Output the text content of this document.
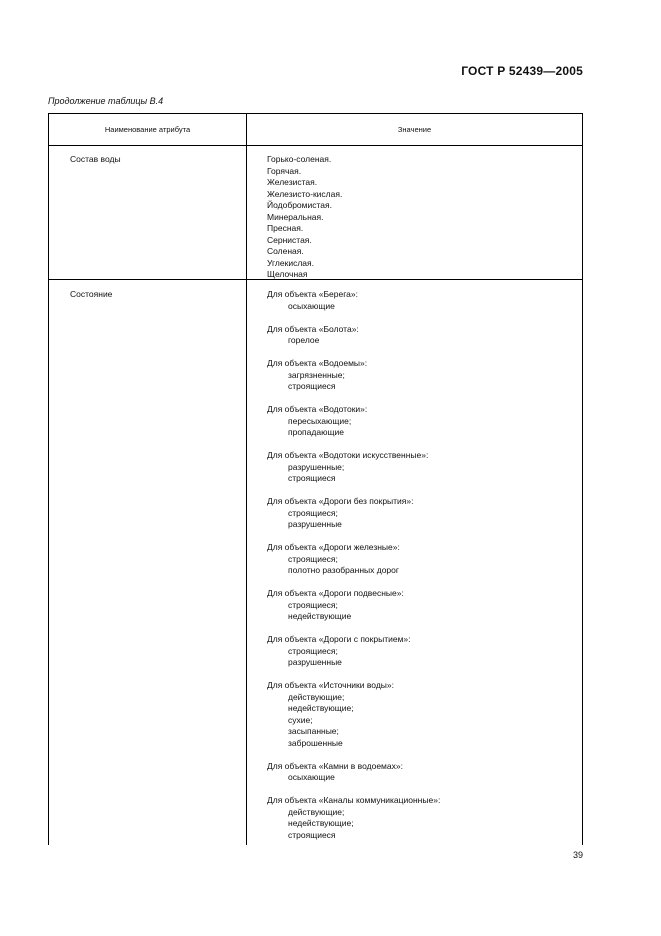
ГОСТ Р 52439—2005
Продолжение таблицы В.4
Наименование атрибута	Значение
Состав воды	Горько-соленая.
Горячая.
Железистая.
Железисто-кислая.
Йодобромистая.
Минеральная.
Пресная.
Сернистая.
Соленая.
Углекислая.
Щелочная
Состояние	Для объекта «Берега»:
осыхающие
Для объекта «Болота»:
горелое
Для объекта «Водоемы»:
загрязненные;
строящиеся
Для объекта «Водотоки»:
пересыхающие;
пропадающие
Для объекта «Водотоки искусственные»:
разрушенные;
строящиеся
Для объекта «Дороги без покрытия»:
строящиеся;
разрушенные
Для объекта «Дороги железные»:
строящиеся;
полотно разобранных дорог
Для объекта «Дороги подвесные»:
строящиеся;
недействующие
Для объекта «Дороги с покрытием»:
строящиеся;
разрушенные
Для объекта «Источники воды»:
действующие;
недействующие;
сухие;
засыпанные;
заброшенные
Для объекта «Камни в водоемах»:
осыхающие
Для объекта «Каналы коммуникационные»:
действующие;
недействующие;
строящиеся
39
